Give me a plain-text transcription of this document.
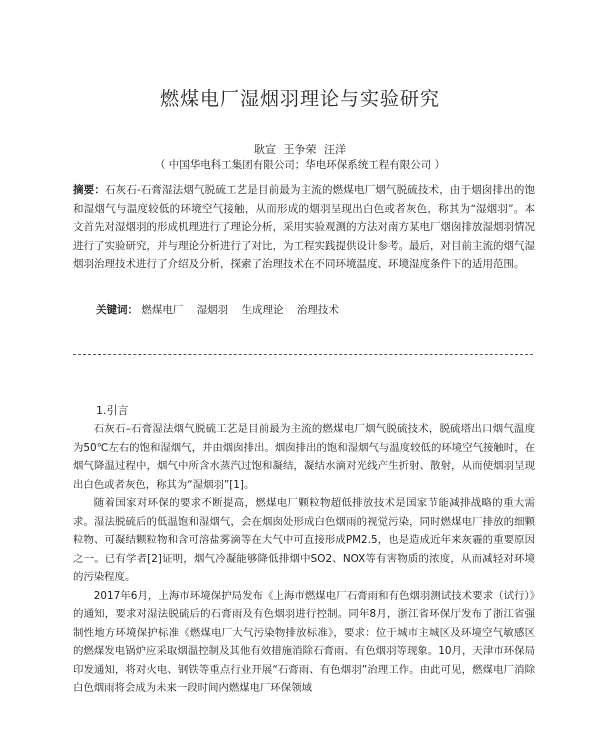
燃煤电厂湿烟羽理论与实验研究
耿宣 王争荣 汪洋
（ 中国华电科工集团有限公司；华电环保系统工程有限公司 ）
摘要：石灰石-石膏湿法烟气脱硫工艺是目前最为主流的燃煤电厂烟气脱硫技术，由于烟囱排出的饱和湿烟气与温度较低的环境空气接触，从而形成的烟羽呈现出白色或者灰色，称其为“湿烟羽”。本文首先对湿烟羽的形成机理进行了理论分析，采用实验观测的方法对南方某电厂烟囱排放湿烟羽情况进行了实验研究，并与理论分析进行了对比，为工程实践提供设计参考。最后，对目前主流的烟气湿烟羽治理技术进行了介绍及分析，探索了治理技术在不同环境温度、环境湿度条件下的适用范围。
关键词： 燃煤电厂 湿烟羽 生成理论 治理技术
1.引言

石灰石–石膏湿法烟气脱硫工艺是目前最为主流的燃煤电厂烟气脱硫技术，脱硫塔出口烟气温度为50℃左右的饱和湿烟气，并由烟囱排出。烟囱排出的饱和湿烟气与温度较低的环境空气接触时，在烟气降温过程中，烟气中所含水蒸汽过饱和凝结，凝结水滴对光线产生折射、散射，从而使烟羽呈现出白色或者灰色，称其为“湿烟羽”[1]。

随着国家对环保的要求不断提高，燃煤电厂颗粒物超低排放技术是国家节能减排战略的重大需求。湿法脱硫后的低温饱和湿烟气，会在烟囱处形成白色烟雨的视觉污染，同时燃煤电厂排放的细颗粒物、可凝结颗粒物和含可溶盐雾滴等在大气中可直接形成PM2.5，也是造成近年来灰霾的重要原因之一。已有学者[2]证明，烟气冷凝能够降低排烟中SO2、NOX等有害物质的浓度，从而减轻对环境的污染程度。

2017年6月，上海市环境保护局发布《上海市燃煤电厂石膏雨和有色烟羽测试技术要求（试行）》的通知，要求对湿法脱硫后的石膏雨及有色烟羽进行控制。同年8月，浙江省环保厅发布了浙江省强制性地方环境保护标准《燃煤电厂大气污染物排放标准》，要求：位于城市主城区及环境空气敏感区的燃煤发电锅炉应采取烟温控制及其他有效措施消除石膏雨、有色烟羽等现象。10月，天津市环保局印发通知，将对火电、钢铁等重点行业开展“石膏雨、有色烟羽”治理工作。由此可见，燃煤电厂消除白色烟雨将会成为未来一段时间内燃煤电厂环保领域
